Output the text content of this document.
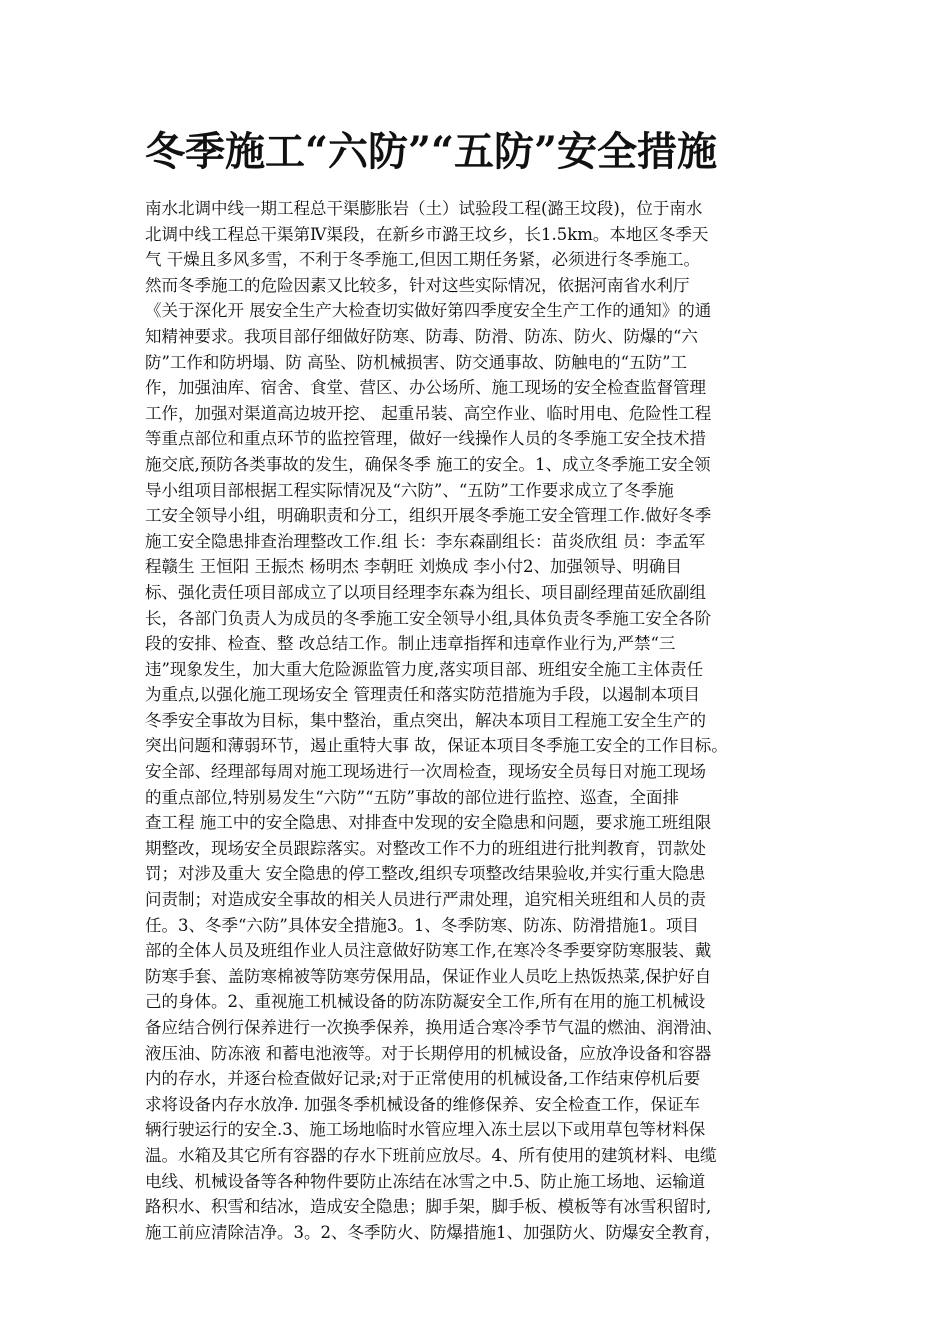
冬季施工“六防”“五防”安全措施
南水北调中线一期工程总干渠膨胀岩（土）试验段工程(潞王坟段)，位于南水
北调中线工程总干渠第Ⅳ渠段，在新乡市潞王坟乡，长1.5km。本地区冬季天
气 干燥且多风多雪，不利于冬季施工,但因工期任务紧，必须进行冬季施工。
然而冬季施工的危险因素又比较多，针对这些实际情况，依据河南省水利厅
《关于深化开 展安全生产大检查切实做好第四季度安全生产工作的通知》的通
知精神要求。我项目部仔细做好防寒、防毒、防滑、防冻、防火、防爆的“六
防”工作和防坍塌、防 高坠、防机械损害、防交通事故、防触电的“五防”工
作，加强油库、宿舍、食堂、营区、办公场所、施工现场的安全检查监督管理
工作，加强对渠道高边坡开挖、 起重吊装、高空作业、临时用电、危险性工程
等重点部位和重点环节的监控管理，做好一线操作人员的冬季施工安全技术措
施交底,预防各类事故的发生，确保冬季 施工的安全。1、成立冬季施工安全领
导小组项目部根据工程实际情况及“六防”、“五防”工作要求成立了冬季施
工安全领导小组，明确职责和分工，组织开展冬季施工安全管理工作.做好冬季
施工安全隐患排查治理整改工作.组 长：李东森副组长：苗炎欣组 员：李孟军
程赣生 王恒阳 王振杰 杨明杰 李朝旺 刘焕成 李小付2、加强领导、明确目
标、强化责任项目部成立了以项目经理李东森为组长、项目副经理苗延欣副组
长，各部门负责人为成员的冬季施工安全领导小组,具体负责冬季施工安全各阶
段的安排、检查、整 改总结工作。制止违章指挥和违章作业行为,严禁“三
违”现象发生，加大重大危险源监管力度,落实项目部、班组安全施工主体责任
为重点,以强化施工现场安全 管理责任和落实防范措施为手段，以遏制本项目
冬季安全事故为目标，集中整治，重点突出，解决本项目工程施工安全生产的
突出问题和薄弱环节，遏止重特大事 故，保证本项目冬季施工安全的工作目标。
安全部、经理部每周对施工现场进行一次周检查，现场安全员每日对施工现场
的重点部位,特别易发生“六防”“五防”事故的部位进行监控、巡查，全面排
查工程 施工中的安全隐患、对排查中发现的安全隐患和问题，要求施工班组限
期整改，现场安全员跟踪落实。对整改工作不力的班组进行批判教育，罚款处
罚；对涉及重大 安全隐患的停工整改,组织专项整改结果验收,并实行重大隐患
问责制；对造成安全事故的相关人员进行严肃处理，追究相关班组和人员的责
任。3、冬季“六防”具体安全措施3。1、冬季防寒、防冻、防滑措施1。项目
部的全体人员及班组作业人员注意做好防寒工作,在寒冷冬季要穿防寒服装、戴
防寒手套、盖防寒棉被等防寒劳保用品，保证作业人员吃上热饭热菜,保护好自
己的身体。2、重视施工机械设备的防冻防凝安全工作,所有在用的施工机械设
备应结合例行保养进行一次换季保养，换用适合寒冷季节气温的燃油、润滑油、
液压油、防冻液 和蓄电池液等。对于长期停用的机械设备，应放净设备和容器
内的存水，并逐台检查做好记录;对于正常使用的机械设备,工作结束停机后要
求将设备内存水放净. 加强冬季机械设备的维修保养、安全检查工作，保证车
辆行驶运行的安全.3、施工场地临时水管应埋入冻土层以下或用草包等材料保
温。水箱及其它所有容器的存水下班前应放尽。4、所有使用的建筑材料、电缆
电线、机械设备等各种物件要防止冻结在冰雪之中.5、防止施工场地、运输道
路积水、积雪和结冰，造成安全隐患；脚手架，脚手板、模板等有冰雪积留时,
施工前应清除洁净。3。2、冬季防火、防爆措施1、加强防火、防爆安全教育，
